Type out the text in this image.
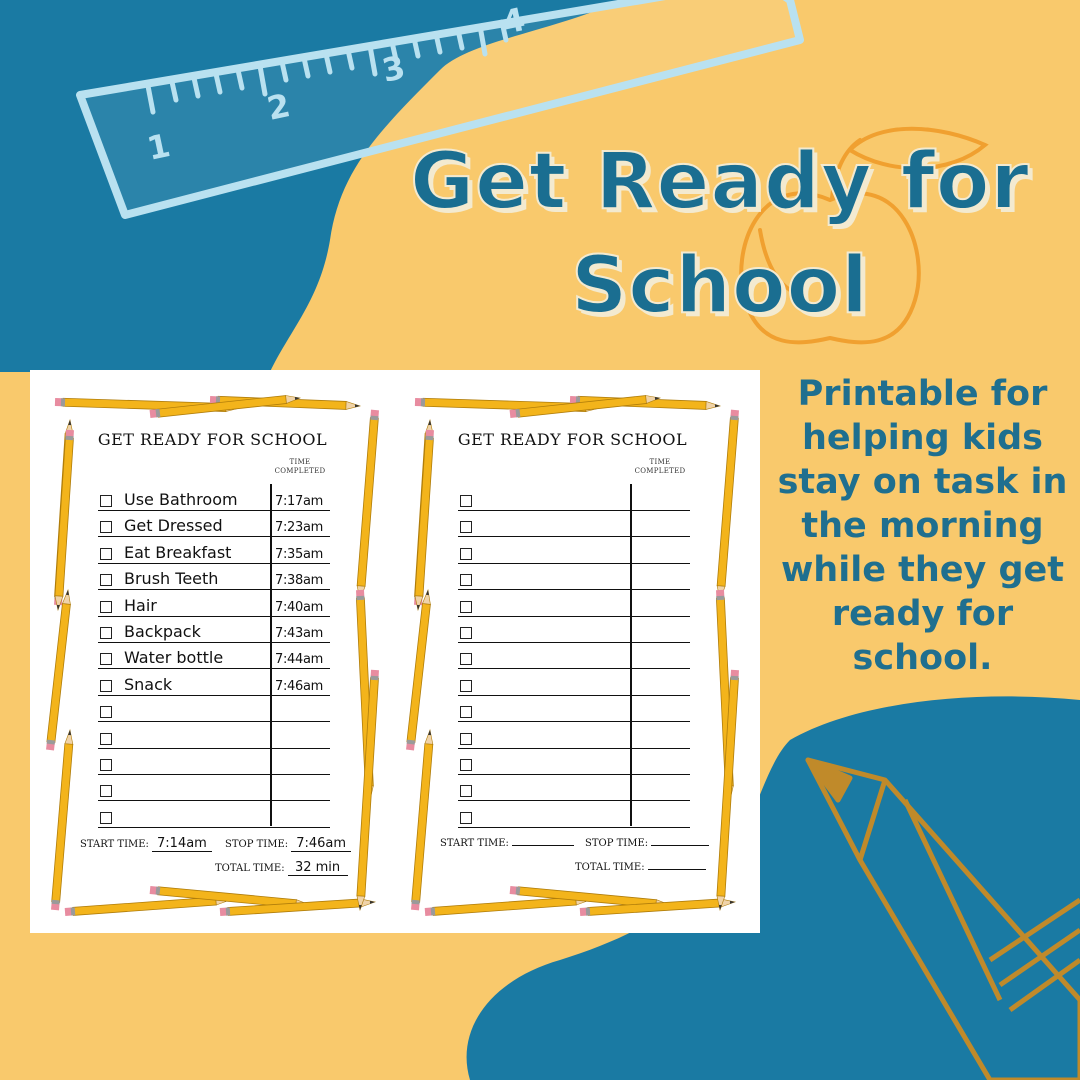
1
2
3
4
Get Ready for
School
Printable for helping kids stay on task in the morning while they get ready for school.
GET READY FOR SCHOOL
TIME
COMPLETED
Use Bathroom	7:17am
Get Dressed	7:23am
Eat Breakfast	7:35am
Brush Teeth	7:38am
Hair	7:40am
Backpack	7:43am
Water bottle	7:44am
Snack	7:46am
START TIME: 7:14am	STOP TIME: 7:46am
TOTAL TIME: 32 min
GET READY FOR SCHOOL
TIME
COMPLETED
START TIME:	STOP TIME:
TOTAL TIME:
